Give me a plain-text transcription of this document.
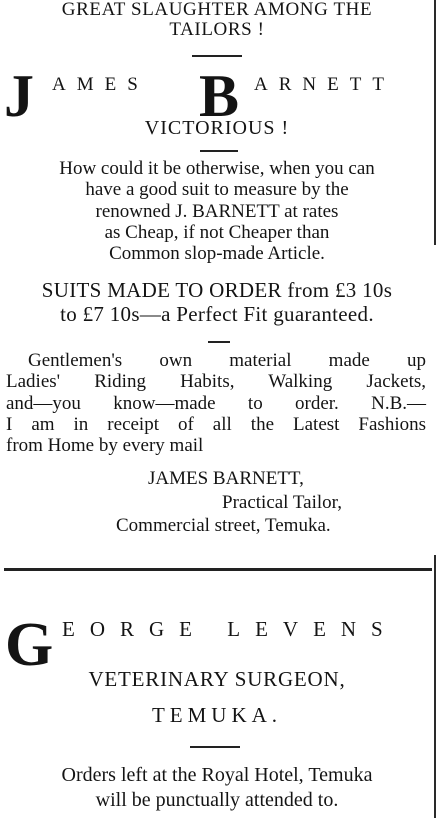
GREAT SLAUGHTER AMONG THE
TAILORS !
J AMES B ARNETT
VICTORIOUS !
How could it be otherwise, when you can
have a good suit to measure by the
renowned J. BARNETT at rates
as Cheap, if not Cheaper than
Common slop-made Article.
SUITS MADE TO ORDER from £3 10s
to £7 10s—a Perfect Fit guaranteed.
Gentlemen's own material made up
Ladies' Riding Habits, Walking Jackets,
and—you know—made to order. N.B.—
I am in receipt of all the Latest Fashions
from Home by every mail
JAMES BARNETT,
Practical Tailor,
Commercial street, Temuka.
G EORGE LEVENS
VETERINARY SURGEON,
TEMUKA.
Orders left at the Royal Hotel, Temuka
will be punctually attended to.
